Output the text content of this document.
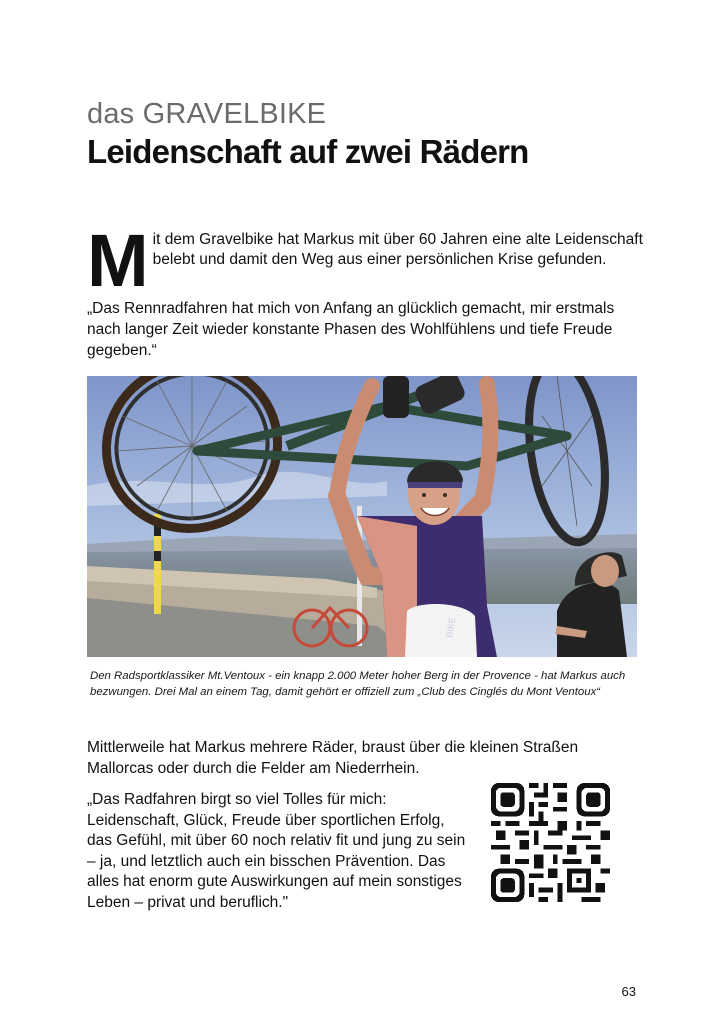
das GRAVELBIKE
Leidenschaft auf zwei Rädern
M it dem Gravelbike hat Markus mit über 60 Jahren eine alte Leidenschaft belebt und damit den Weg aus einer persönlichen Krise gefunden.
„Das Rennradfahren hat mich von Anfang an glücklich gemacht, mir erstmals nach langer Zeit wieder konstante Phasen des Wohlfühlens und tiefe Freude gegeben.“
BIKE
Den Radsportklassiker Mt.Ventoux - ein knapp 2.000 Meter hoher Berg in der Provence - hat Markus auch bezwungen. Drei Mal an einem Tag, damit gehört er offiziell zum „Club des Cinglés du Mont Ventoux“
Mittlerweile hat Markus mehrere Räder, braust über die kleinen Straßen Mallorcas oder durch die Felder am Niederrhein.
„Das Radfahren birgt so viel Tolles für mich: Leidenschaft, Glück, Freude über sportlichen Erfolg, das Gefühl, mit über 60 noch relativ fit und jung zu sein – ja, und letztlich auch ein bisschen Prävention. Das alles hat enorm gute Auswirkungen auf mein sonstiges Leben – privat und beruflich."
63
